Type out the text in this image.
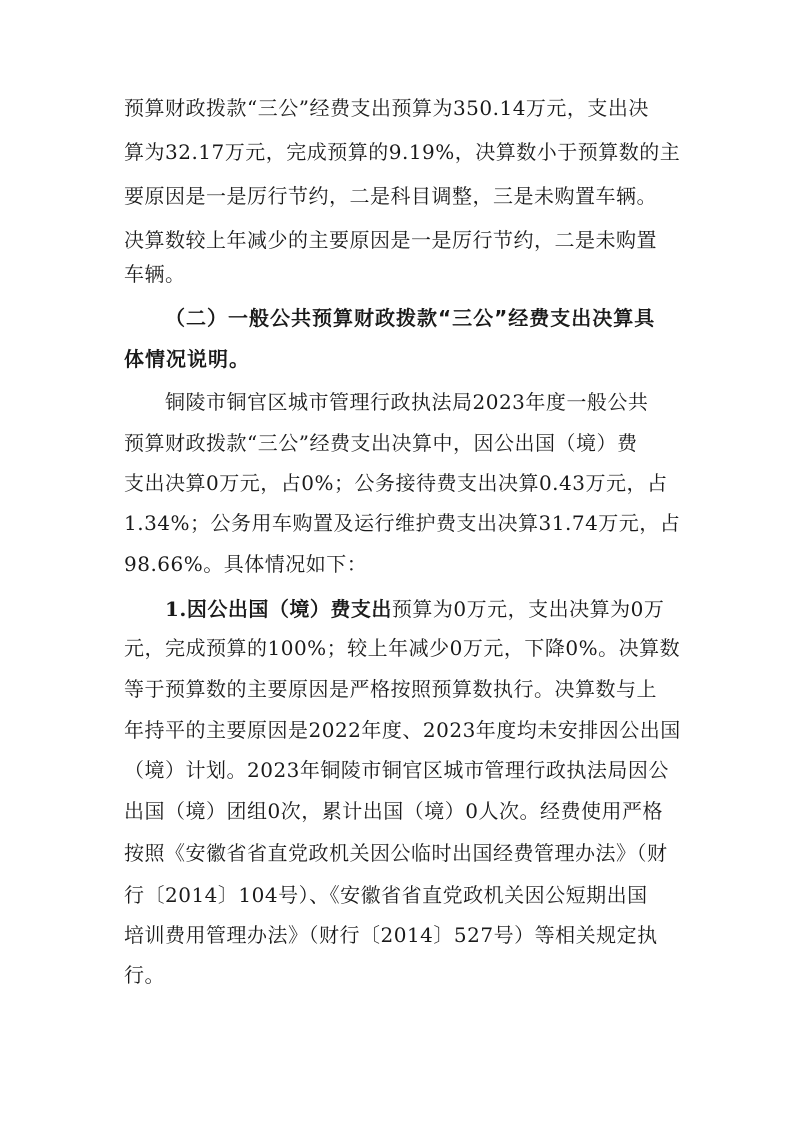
预算财政拨款“三公”经费支出预算为350.14万元，支出决
算为32.17万元，完成预算的9.19%，决算数小于预算数的主
要原因是一是厉行节约，二是科目调整，三是未购置车辆。
决算数较上年减少的主要原因是一是厉行节约，二是未购置
车辆。
（二）一般公共预算财政拨款“三公”经费支出决算具
体情况说明。
铜陵市铜官区城市管理行政执法局2023年度一般公共
预算财政拨款“三公”经费支出决算中，因公出国（境）费
支出决算0万元，占0%；公务接待费支出决算0.43万元，占
1.34%；公务用车购置及运行维护费支出决算31.74万元，占
98.66%。具体情况如下：
1.因公出国（境）费支出预算为0万元，支出决算为0万
元，完成预算的100%；较上年减少0万元，下降0%。决算数
等于预算数的主要原因是严格按照预算数执行。决算数与上
年持平的主要原因是2022年度、2023年度均未安排因公出国
（境）计划。2023年铜陵市铜官区城市管理行政执法局因公
出国（境）团组0次，累计出国（境）0人次。经费使用严格
按照《安徽省省直党政机关因公临时出国经费管理办法》（财
行〔2014〕104号）、《安徽省省直党政机关因公短期出国
培训费用管理办法》（财行〔2014〕527号）等相关规定执
行。
